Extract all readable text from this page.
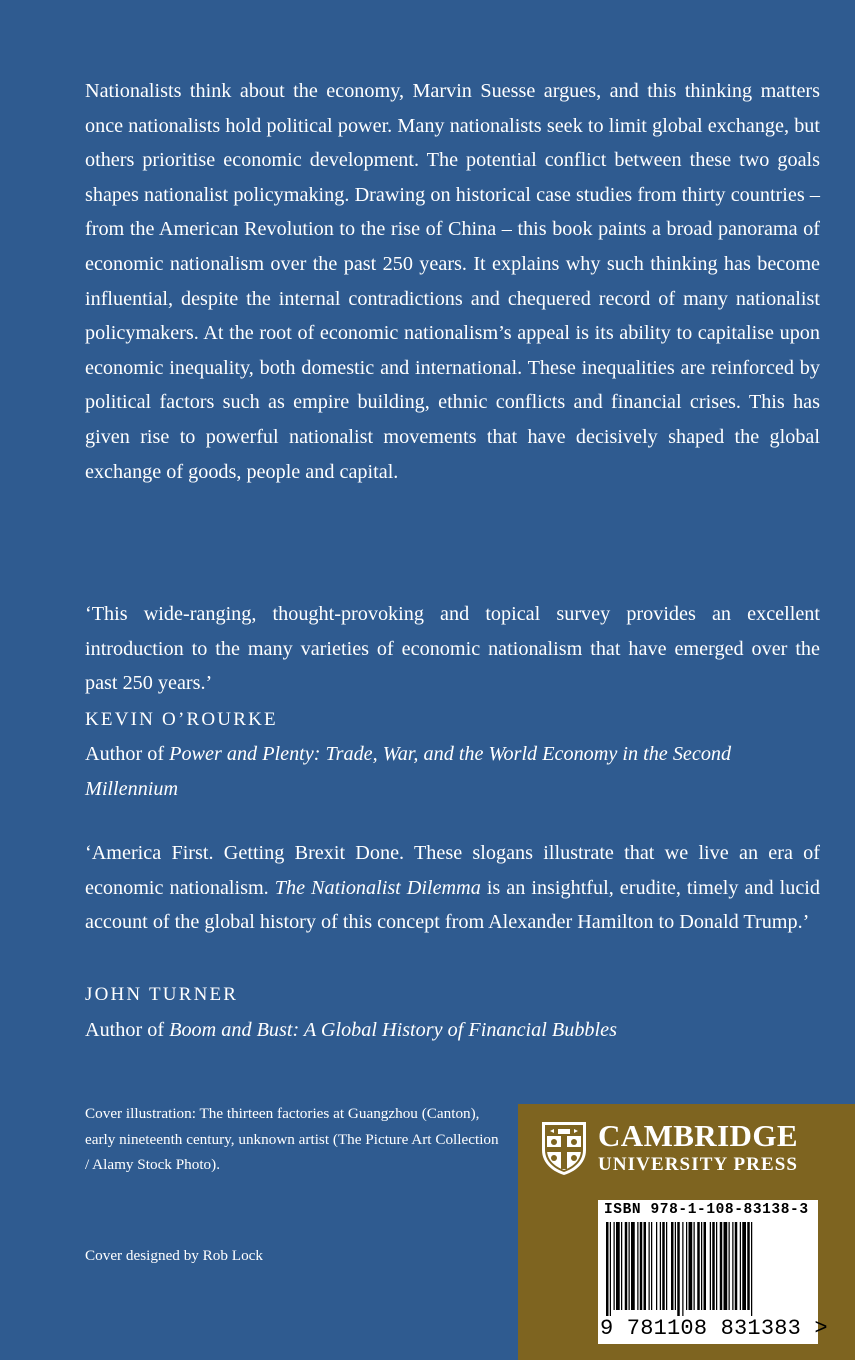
Nationalists think about the economy, Marvin Suesse argues, and this thinking matters once nationalists hold political power. Many nationalists seek to limit global exchange, but others prioritise economic development. The potential conflict between these two goals shapes nationalist policymaking. Drawing on historical case studies from thirty countries – from the American Revolution to the rise of China – this book paints a broad panorama of economic nationalism over the past 250 years. It explains why such thinking has become influential, despite the internal contradictions and chequered record of many nationalist policymakers. At the root of economic nationalism’s appeal is its ability to capitalise upon economic inequality, both domestic and international. These inequalities are reinforced by political factors such as empire building, ethnic conflicts and financial crises. This has given rise to powerful nationalist movements that have decisively shaped the global exchange of goods, people and capital.

‘This wide-ranging, thought-provoking and topical survey provides an excellent introduction to the many varieties of economic nationalism that have emerged over the past 250 years.’

KEVIN O’ROURKE
Author of Power and Plenty: Trade, War, and the World Economy in the Second Millennium

‘America First. Getting Brexit Done. These slogans illustrate that we live an era of economic nationalism. The Nationalist Dilemma is an insightful, erudite, timely and lucid account of the global history of this concept from Alexander Hamilton to Donald Trump.’

JOHN TURNER
Author of Boom and Bust: A Global History of Financial Bubbles
Cover illustration: The thirteen factories at Guangzhou (Canton), early nineteenth century, unknown artist (The Picture Art Collection / Alamy Stock Photo).
Cover designed by Rob Lock
CAMBRIDGE
UNIVERSITY PRESS
ISBN 978-1-108-83138-3
9 781108 831383 >
